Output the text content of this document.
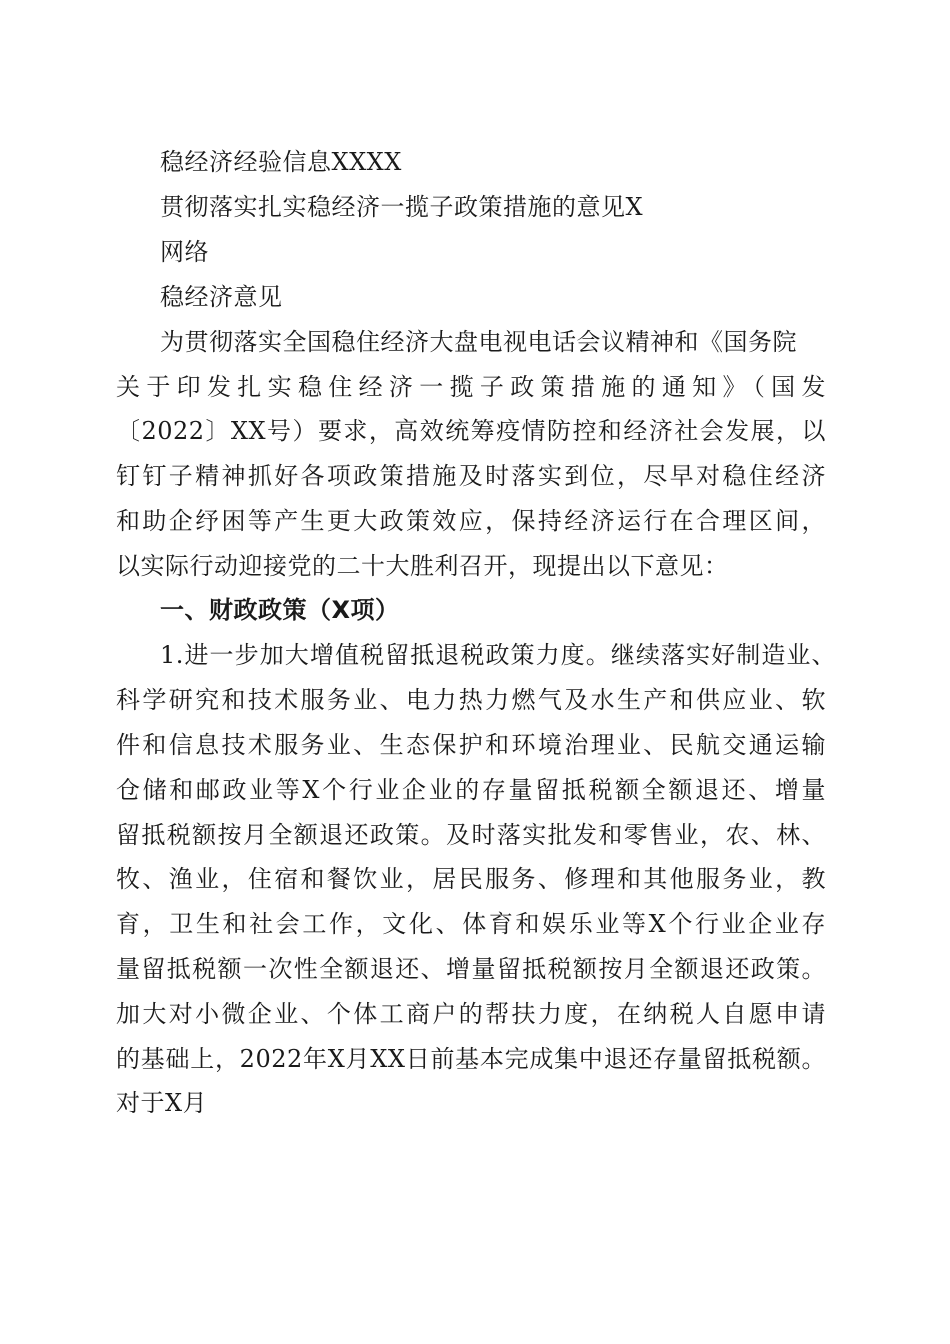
稳经济经验信息XXXX
贯彻落实扎实稳经济一揽子政策措施的意见X
网络
稳经济意见
为贯彻落实全国稳住经济大盘电视电话会议精神和《国务院
关于印发扎实稳住经济一揽子政策措施的通知》（国发
〔2022〕XX号）要求，高效统筹疫情防控和经济社会发展，以
钉钉子精神抓好各项政策措施及时落实到位，尽早对稳住经济
和助企纾困等产生更大政策效应，保持经济运行在合理区间，
以实际行动迎接党的二十大胜利召开，现提出以下意见：
一、财政政策（X项）
1.进一步加大增值税留抵退税政策力度。继续落实好制造业、
科学研究和技术服务业、电力热力燃气及水生产和供应业、软
件和信息技术服务业、生态保护和环境治理业、民航交通运输
仓储和邮政业等X个行业企业的存量留抵税额全额退还、增量
留抵税额按月全额退还政策。及时落实批发和零售业，农、林、
牧、渔业，住宿和餐饮业，居民服务、修理和其他服务业，教
育，卫生和社会工作，文化、体育和娱乐业等X个行业企业存
量留抵税额一次性全额退还、增量留抵税额按月全额退还政策。
加大对小微企业、个体工商户的帮扶力度，在纳税人自愿申请
的基础上，2022年X月XX日前基本完成集中退还存量留抵税额。
对于X月
